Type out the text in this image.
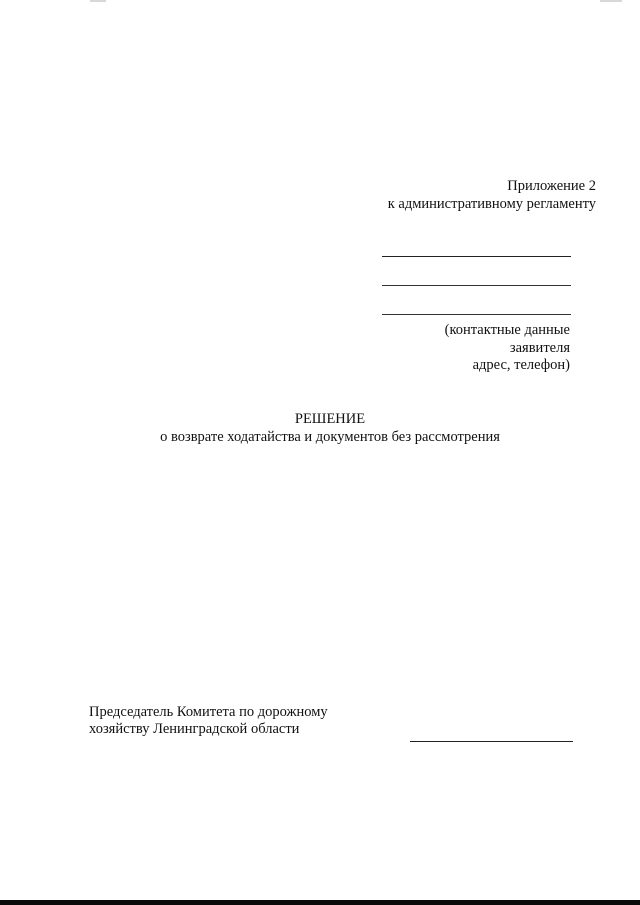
Приложение 2
к административному регламенту
(контактные данные
заявителя
адрес, телефон)
РЕШЕНИЕ
о возврате ходатайства и документов без рассмотрения
Председатель Комитета по дорожному
хозяйству Ленинградской области
